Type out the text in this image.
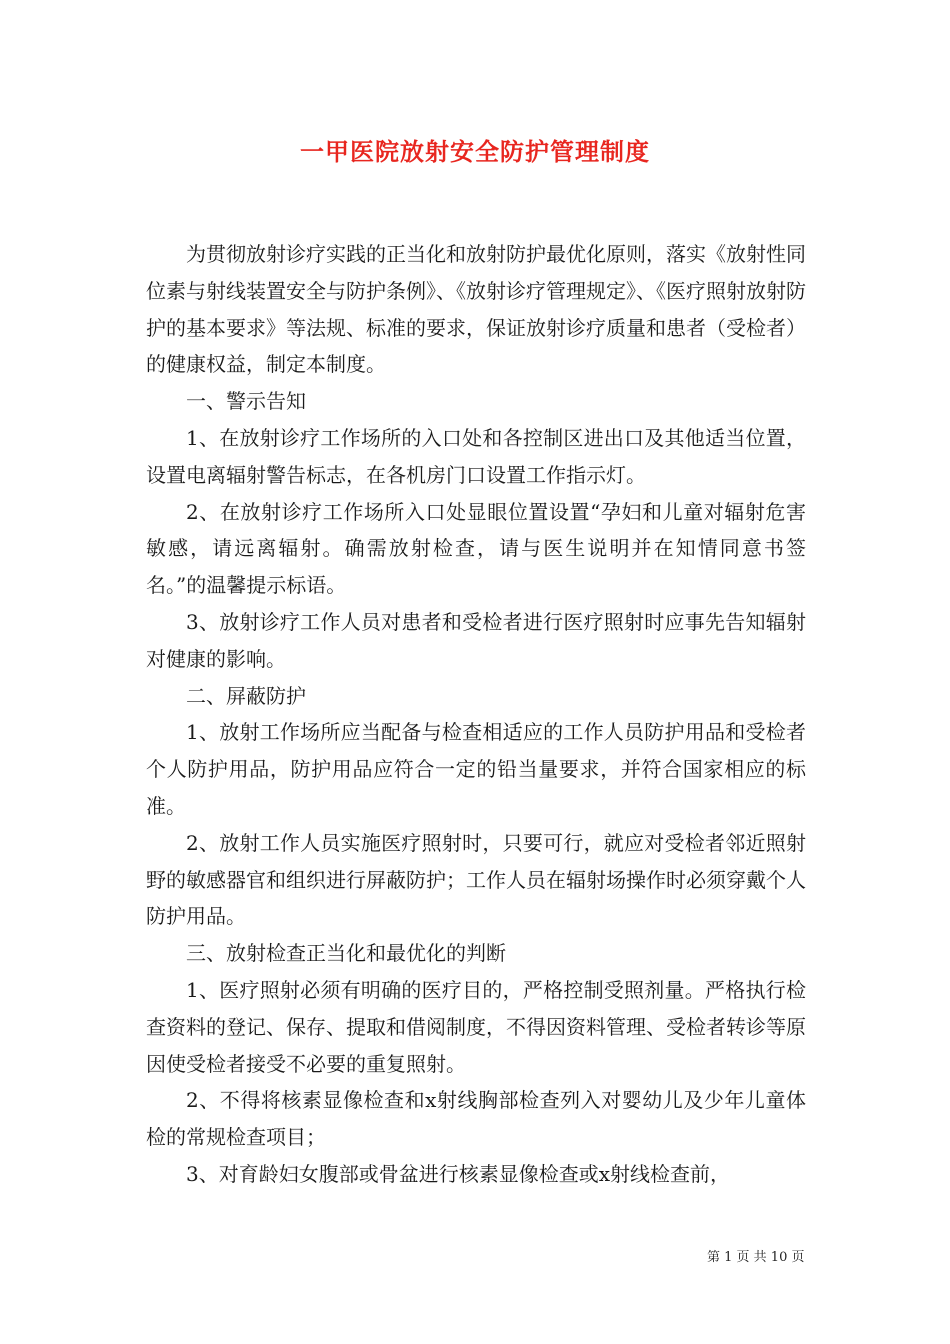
一甲医院放射安全防护管理制度

为贯彻放射诊疗实践的正当化和放射防护最优化原则，落实《放射性同位素与射线装置安全与防护条例》、《放射诊疗管理规定》、《医疗照射放射防护的基本要求》等法规、标准的要求，保证放射诊疗质量和患者（受检者）的健康权益，制定本制度。

一、警示告知

1、在放射诊疗工作场所的入口处和各控制区进出口及其他适当位置，设置电离辐射警告标志，在各机房门口设置工作指示灯。

2、在放射诊疗工作场所入口处显眼位置设置“孕妇和儿童对辐射危害敏感，请远离辐射。确需放射检查，请与医生说明并在知情同意书签名。”的温馨提示标语。

3、放射诊疗工作人员对患者和受检者进行医疗照射时应事先告知辐射对健康的影响。

二、屏蔽防护

1、放射工作场所应当配备与检查相适应的工作人员防护用品和受检者个人防护用品，防护用品应符合一定的铅当量要求，并符合国家相应的标准。

2、放射工作人员实施医疗照射时，只要可行，就应对受检者邻近照射野的敏感器官和组织进行屏蔽防护；工作人员在辐射场操作时必须穿戴个人防护用品。

三、放射检查正当化和最优化的判断

1、医疗照射必须有明确的医疗目的，严格控制受照剂量。严格执行检查资料的登记、保存、提取和借阅制度，不得因资料管理、受检者转诊等原因使受检者接受不必要的重复照射。

2、不得将核素显像检查和x射线胸部检查列入对婴幼儿及少年儿童体检的常规检查项目；

3、对育龄妇女腹部或骨盆进行核素显像检查或x射线检查前，

第 1 页 共 10 页
